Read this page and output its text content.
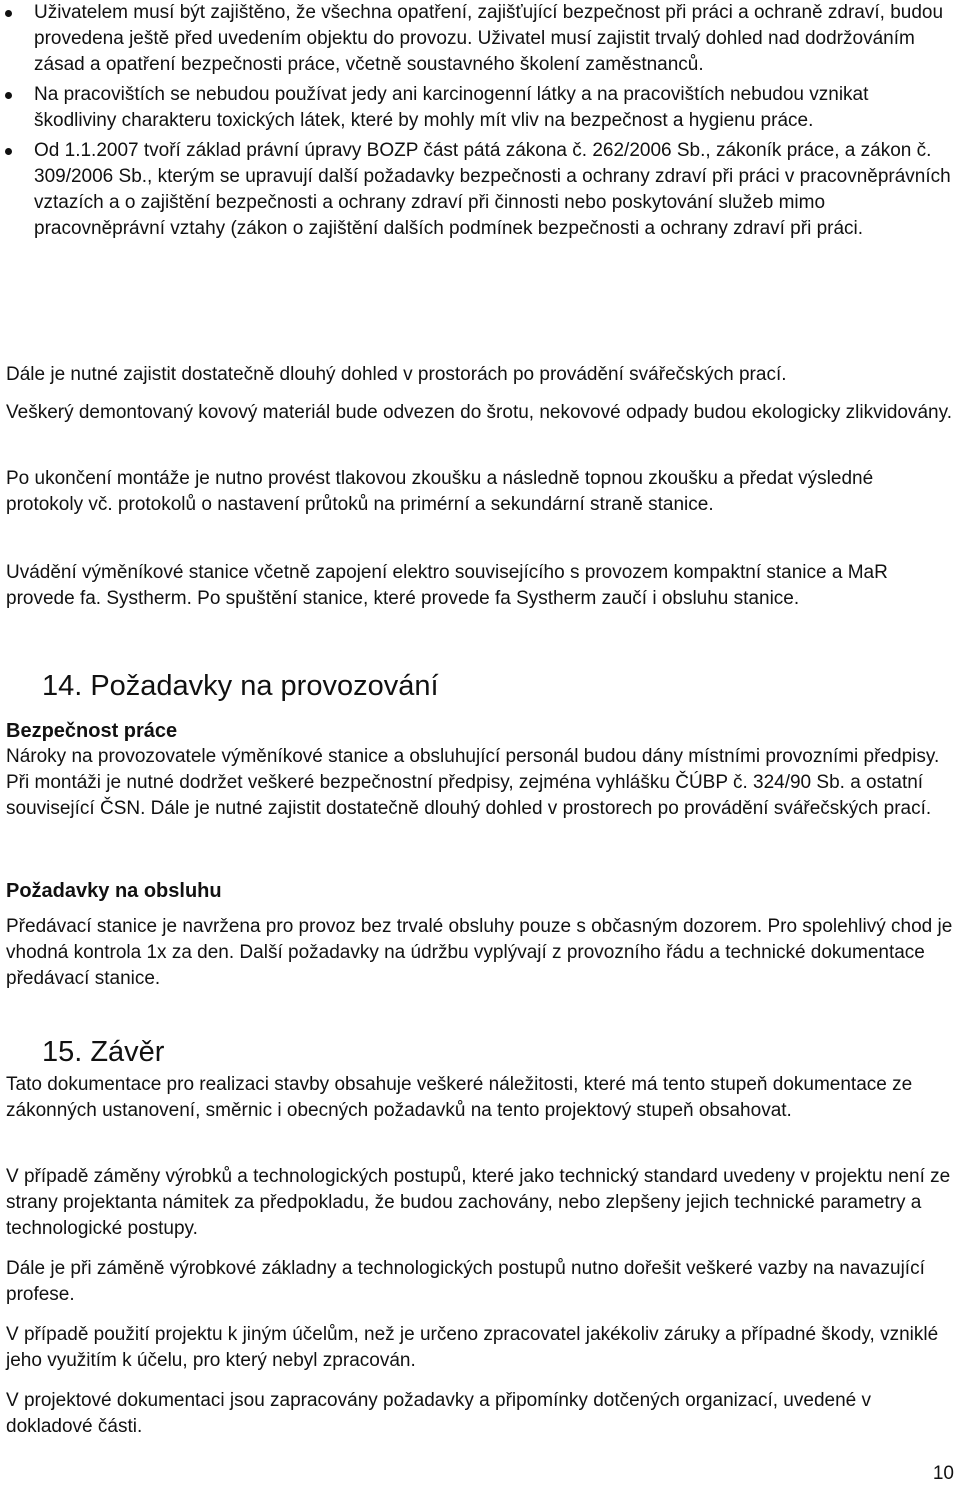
Uživatelem musí být zajištěno, že všechna opatření, zajišťující bezpečnost při práci a ochraně zdraví, budou provedena ještě před uvedením objektu do provozu. Uživatel musí zajistit trvalý dohled nad dodržováním zásad a opatření bezpečnosti práce, včetně soustavného školení zaměstnanců.
Na pracovištích se nebudou používat jedy ani karcinogenní látky a na pracovištích nebudou vznikat škodliviny charakteru toxických látek, které by mohly mít vliv na bezpečnost a hygienu práce.
Od 1.1.2007 tvoří základ právní úpravy BOZP část pátá zákona č. 262/2006 Sb., zákoník práce, a zákon č. 309/2006 Sb., kterým se upravují další požadavky bezpečnosti a ochrany zdraví při práci v pracovněprávních vztazích a o zajištění bezpečnosti a ochrany zdraví při činnosti nebo poskytování služeb mimo pracovněprávní vztahy (zákon o zajištění dalších podmínek bezpečnosti a ochrany zdraví při práci.

Dále je nutné zajistit dostatečně dlouhý dohled v prostorách po provádění svářečských prací.

Veškerý demontovaný kovový materiál bude odvezen do šrotu, nekovové odpady budou ekologicky zlikvidovány.

Po ukončení montáže je nutno provést tlakovou zkoušku a následně topnou zkoušku a předat výsledné protokoly vč. protokolů o nastavení průtoků na primérní a sekundární straně stanice.

Uvádění výměníkové stanice včetně zapojení elektro souvisejícího s provozem kompaktní stanice a MaR provede fa. Systherm. Po spuštění stanice, které provede fa Systherm zaučí i obsluhu stanice.

14. Požadavky na provozování
Bezpečnost práce

Nároky na provozovatele výměníkové stanice a obsluhující personál budou dány místními provozními předpisy. Při montáži je nutné dodržet veškeré bezpečnostní předpisy, zejména vyhlášku ČÚBP č. 324/90 Sb. a ostatní související ČSN. Dále je nutné zajistit dostatečně dlouhý dohled v prostorech po provádění svářečských prací.

Požadavky na obsluhu

Předávací stanice je navržena pro provoz bez trvalé obsluhy pouze s občasným dozorem. Pro spolehlivý chod je vhodná kontrola 1x za den. Další požadavky na údržbu vyplývají z provozního řádu a technické dokumentace předávací stanice.

15. Závěr

Tato dokumentace pro realizaci stavby obsahuje veškeré náležitosti, které má tento stupeň dokumentace ze zákonných ustanovení, směrnic i obecných požadavků na tento projektový stupeň obsahovat.

V případě záměny výrobků a technologických postupů, které jako technický standard uvedeny v projektu není ze strany projektanta námitek za předpokladu, že budou zachovány, nebo zlepšeny jejich technické parametry a technologické postupy.

Dále je při záměně výrobkové základny a technologických postupů nutno dořešit veškeré vazby na navazující profese.

V případě použití projektu k jiným účelům, než je určeno zpracovatel jakékoliv záruky a případné škody, vzniklé jeho využitím k účelu, pro který nebyl zpracován.

V projektové dokumentaci jsou zapracovány požadavky a připomínky dotčených organizací, uvedené v dokladové části.

10
